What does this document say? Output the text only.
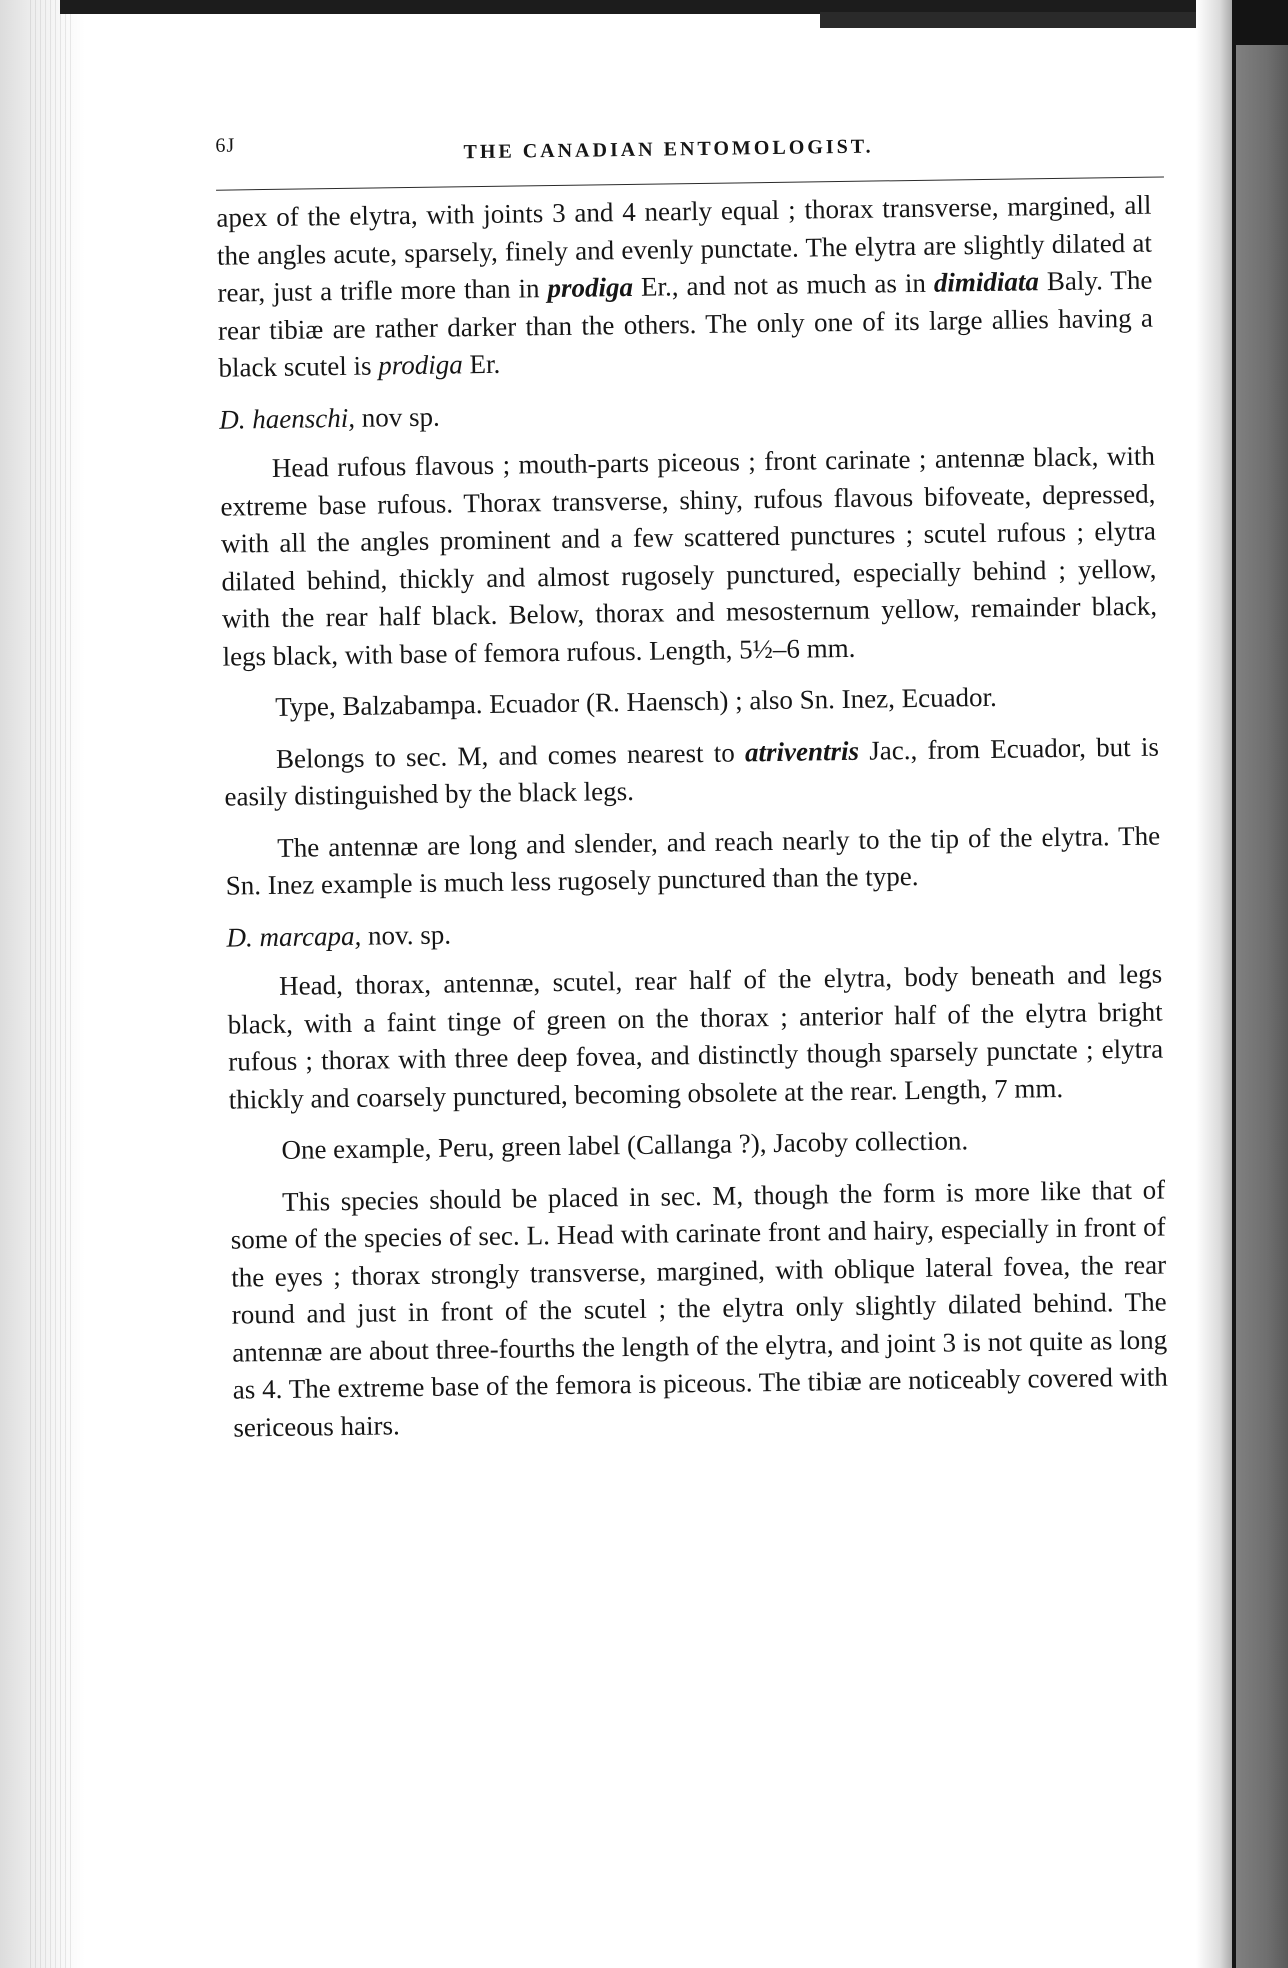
6J	THE CANADIAN ENTOMOLOGIST.

apex of the elytra, with joints 3 and 4 nearly equal ; thorax transverse, margined, all the angles acute, sparsely, finely and evenly punctate. The elytra are slightly dilated at rear, just a trifle more than in prodiga Er., and not as much as in dimidiata Baly. The rear tibiæ are rather darker than the others. The only one of its large allies having a black scutel is prodiga Er.

D. haenschi, nov sp.

Head rufous flavous ; mouth-parts piceous ; front carinate ; antennæ black, with extreme base rufous. Thorax transverse, shiny, rufous flavous bifoveate, depressed, with all the angles prominent and a few scattered punctures ; scutel rufous ; elytra dilated behind, thickly and almost rugosely punctured, especially behind ; yellow, with the rear half black. Below, thorax and mesosternum yellow, remainder black, legs black, with base of femora rufous. Length, 5½–6 mm.

Type, Balzabampa. Ecuador (R. Haensch) ; also Sn. Inez, Ecuador.

Belongs to sec. M, and comes nearest to atriventris Jac., from Ecuador, but is easily distinguished by the black legs.

The antennæ are long and slender, and reach nearly to the tip of the elytra. The Sn. Inez example is much less rugosely punctured than the type.

D. marcapa, nov. sp.

Head, thorax, antennæ, scutel, rear half of the elytra, body beneath and legs black, with a faint tinge of green on the thorax ; anterior half of the elytra bright rufous ; thorax with three deep fovea, and distinctly though sparsely punctate ; elytra thickly and coarsely punctured, becoming obsolete at the rear. Length, 7 mm.

One example, Peru, green label (Callanga ?), Jacoby collection.

This species should be placed in sec. M, though the form is more like that of some of the species of sec. L. Head with carinate front and hairy, especially in front of the eyes ; thorax strongly transverse, margined, with oblique lateral fovea, the rear round and just in front of the scutel ; the elytra only slightly dilated behind. The antennæ are about three-fourths the length of the elytra, and joint 3 is not quite as long as 4. The extreme base of the femora is piceous. The tibiæ are noticeably covered with sericeous hairs.
